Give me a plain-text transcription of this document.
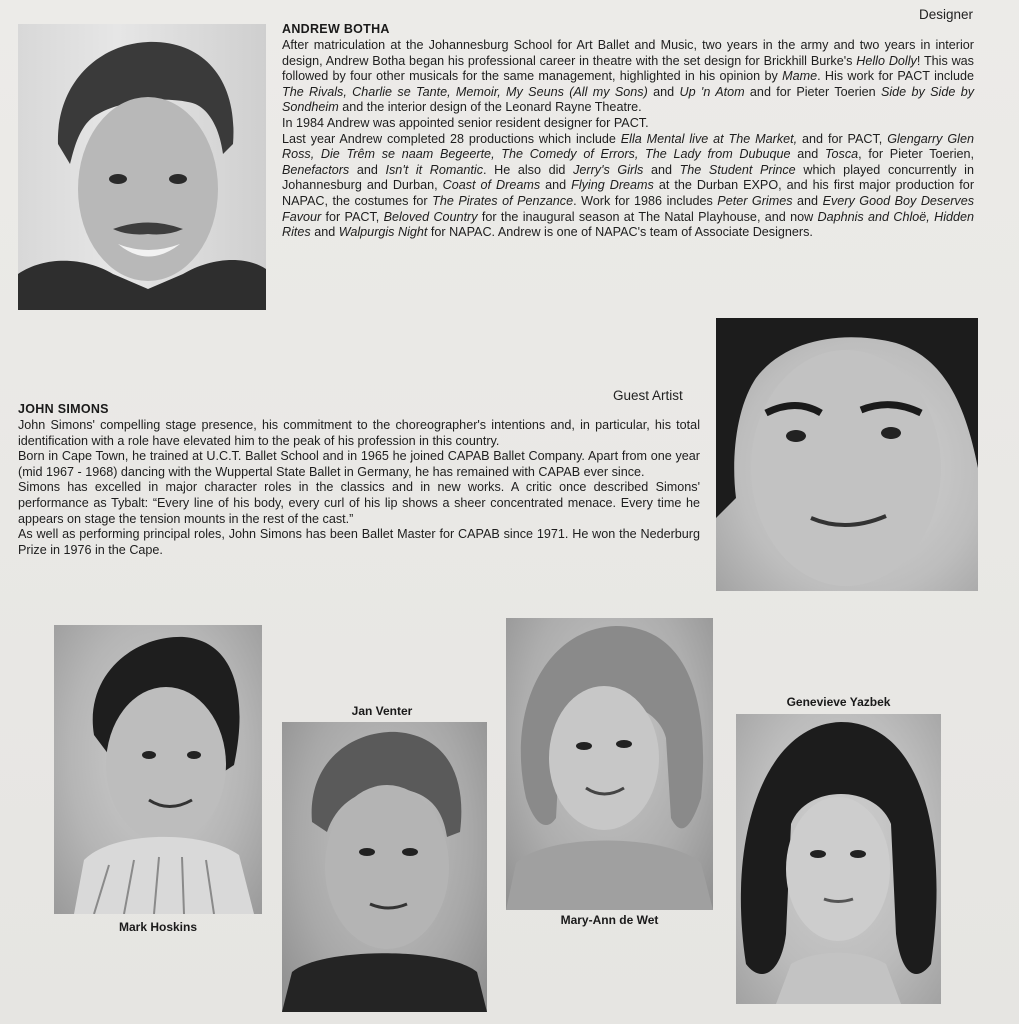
Designer
ANDREW BOTHA

After matriculation at the Johannesburg School for Art Ballet and Music, two years in the army and two years in interior design, Andrew Botha began his professional career in theatre with the set design for Brickhill Burke's Hello Dolly! This was followed by four other musicals for the same management, highlighted in his opinion by Mame. His work for PACT include The Rivals, Charlie se Tante, Memoir, My Seuns (All my Sons) and Up 'n Atom and for Pieter Toerien Side by Side by Sondheim and the interior design of the Leonard Rayne Theatre.

In 1984 Andrew was appointed senior resident designer for PACT.

Last year Andrew completed 28 productions which include Ella Mental live at The Market, and for PACT, Glengarry Glen Ross, Die Trêm se naam Begeerte, The Comedy of Errors, The Lady from Dubuque and Tosca, for Pieter Toerien, Benefactors and Isn't it Romantic. He also did Jerry's Girls and The Student Prince which played concurrently in Johannesburg and Durban, Coast of Dreams and Flying Dreams at the Durban EXPO, and his first major production for NAPAC, the costumes for The Pirates of Penzance. Work for 1986 includes Peter Grimes and Every Good Boy Deserves Favour for PACT, Beloved Country for the inaugural season at The Natal Playhouse, and now Daphnis and Chloë, Hidden Rites and Walpurgis Night for NAPAC. Andrew is one of NAPAC's team of Associate Designers.

Guest Artist
JOHN SIMONS

John Simons' compelling stage presence, his commitment to the choreographer's intentions and, in particular, his total identification with a role have elevated him to the peak of his profession in this country.

Born in Cape Town, he trained at U.C.T. Ballet School and in 1965 he joined CAPAB Ballet Company. Apart from one year (mid 1967 - 1968) dancing with the Wuppertal State Ballet in Germany, he has remained with CAPAB ever since.

Simons has excelled in major character roles in the classics and in new works. A critic once described Simons' performance as Tybalt: “Every line of his body, every curl of his lip shows a sheer concentrated menace. Every time he appears on stage the tension mounts in the rest of the cast.”

As well as performing principal roles, John Simons has been Ballet Master for CAPAB since 1971. He won the Nederburg Prize in 1976 in the Cape.

Mark Hoskins
Jan Venter
Mary-Ann de Wet
Genevieve Yazbek
